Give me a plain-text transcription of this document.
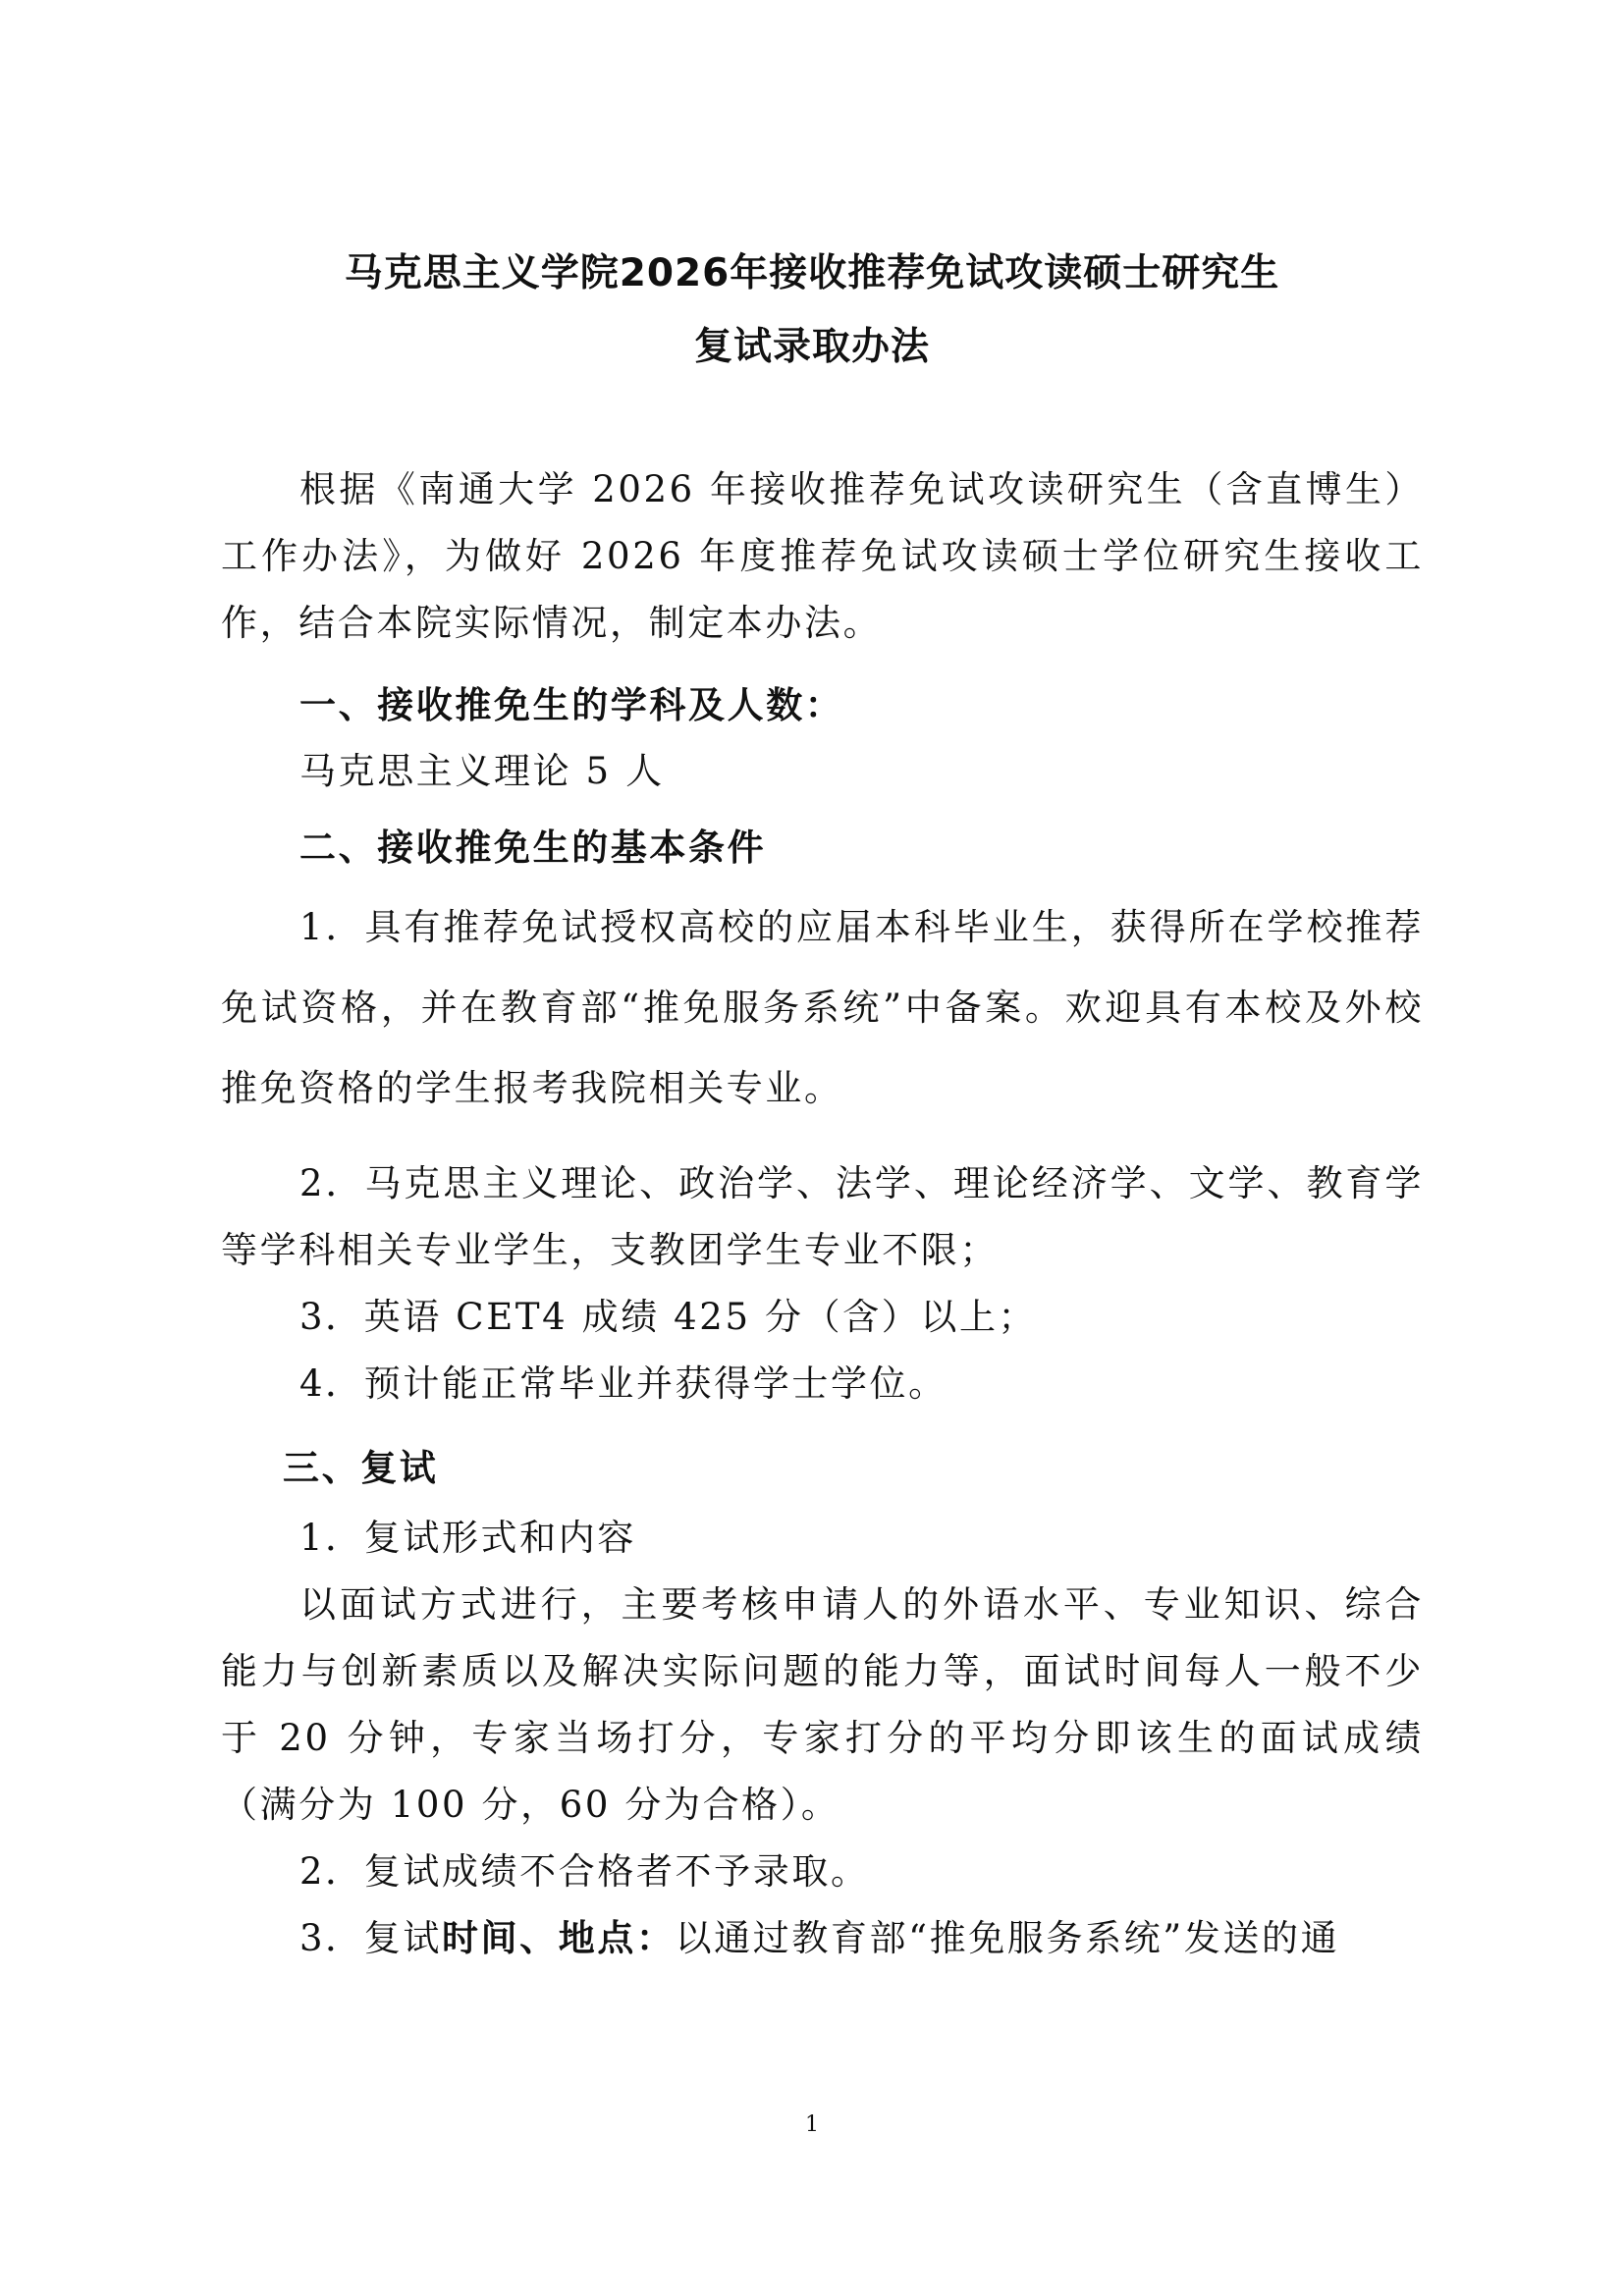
马克思主义学院2026年接收推荐免试攻读硕士研究生
复试录取办法
根据《南通大学 2026 年接收推荐免试攻读研究生（含直博生）工作办法》，为做好 2026 年度推荐免试攻读硕士学位研究生接收工作，结合本院实际情况，制定本办法。
一、接收推免生的学科及人数：
马克思主义理论 5 人
二、接收推免生的基本条件
1．具有推荐免试授权高校的应届本科毕业生，获得所在学校推荐免试资格，并在教育部“推免服务系统”中备案。欢迎具有本校及外校推免资格的学生报考我院相关专业。
2．马克思主义理论、政治学、法学、理论经济学、文学、教育学等学科相关专业学生，支教团学生专业不限；
3．英语 CET4 成绩 425 分（含）以上；
4．预计能正常毕业并获得学士学位。
三、复试
1．复试形式和内容
以面试方式进行，主要考核申请人的外语水平、专业知识、综合能力与创新素质以及解决实际问题的能力等，面试时间每人一般不少于 20 分钟，专家当场打分，专家打分的平均分即该生的面试成绩（满分为 100 分，60 分为合格）。
2．复试成绩不合格者不予录取。
3．复试时间、地点：以通过教育部“推免服务系统”发送的通
1
